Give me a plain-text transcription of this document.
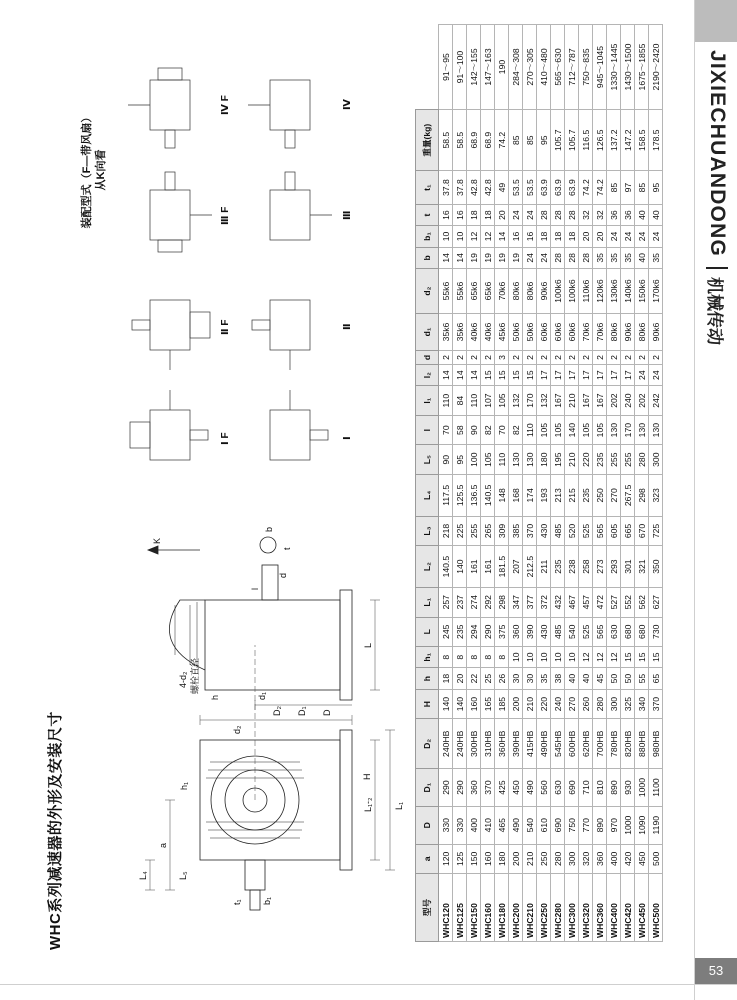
JIXIECHUANDONG
机械传动
53
WHC系列减速器的外形及安装尺寸	a
L₄	L₅
L₁-₂ L₁
h₁
H
b₁
t₁
d₂
D₂ D₁ D
d₁
h
K
4-d₂ 螺栓直径
L
l
d
b
t
装配型式（F—带风扇） 从K向看
Ⅰ F
Ⅱ F
Ⅲ F
Ⅳ F
Ⅰ
Ⅱ
Ⅲ
Ⅳ
型号	a	D	D₁	D₂	H	h	h₁	L	L₁	L₂	L₃	L₄	L₅	l	l₁	l₂	d	d₁	d₂	b	b₁	t	t₁	重量(kg)	
WHC120	120	330	290	240HB	140	18	8	245	257	140.5	218	117.5	90	70	110	14	2	35k6	55k6	14	10	16	37.8	58.5	91～95
WHC125	125	330	290	240HB	140	20	8	235	237	140	225	125.5	95	58	84	14	2	35k6	55k6	14	10	16	37.8	58.5	91～100
WHC150	150	400	360	300HB	160	22	8	294	274	161	255	136.5	100	90	110	14	2	40k6	65k6	19	12	18	42.8	68.9	142～155
WHC160	160	410	370	310HB	165	25	8	290	292	161	265	140.5	105	82	107	15	2	40k6	65k6	19	12	18	42.8	68.9	147～163
WHC180	180	465	425	360HB	185	26	8	375	298	181.5	309	148	110	70	105	15	3	45k6	70k6	19	14	20	49	74.2	190
WHC200	200	490	450	390HB	200	30	10	360	347	207	385	168	130	82	132	15	2	50k6	80k6	19	16	24	53.5	85	284～308
WHC210	210	540	490	415HB	210	30	10	390	377	212.5	370	174	130	110	170	15	2	50k6	80k6	24	16	24	53.5	85	270～305
WHC250	250	610	560	490HB	220	35	10	430	372	211	430	193	180	105	132	17	2	60k6	90k6	24	18	28	63.9	95	410～480
WHC280	280	690	630	545HB	240	38	10	485	432	235	485	213	195	105	167	17	2	60k6	100k6	28	18	28	63.9	105.7	565～630
WHC300	300	750	690	600HB	270	40	10	540	467	238	520	215	210	140	210	17	2	60k6	100k6	28	18	28	63.9	105.7	712～787
WHC320	320	770	710	620HB	260	40	12	525	457	258	525	235	220	105	167	17	2	70k6	110k6	28	20	32	74.2	116.5	750～835
WHC360	360	890	810	700HB	280	45	12	565	472	273	565	250	235	105	167	17	2	70k6	120k6	35	20	32	74.2	126.5	945～1045
WHC400	400	970	890	780HB	300	50	12	630	527	293	605	270	255	130	202	17	2	80k6	130k6	35	24	36	85	137.2	1330～1445
WHC420	420	1000	930	820HB	325	50	15	680	552	301	665	267.5	255	170	240	17	2	90k6	140k6	35	24	36	97	147.2	1430～1500
WHC450	450	1090	1000	880HB	340	55	15	680	562	321	670	298	280	130	202	24	2	80k6	150k6	40	24	40	85	158.5	1675～1855
WHC500	500	1190	1100	980HB	370	65	15	730	627	350	725	323	300	130	242	24	2	90k6	170k6	35	24	40	95	178.5	2190～2420
